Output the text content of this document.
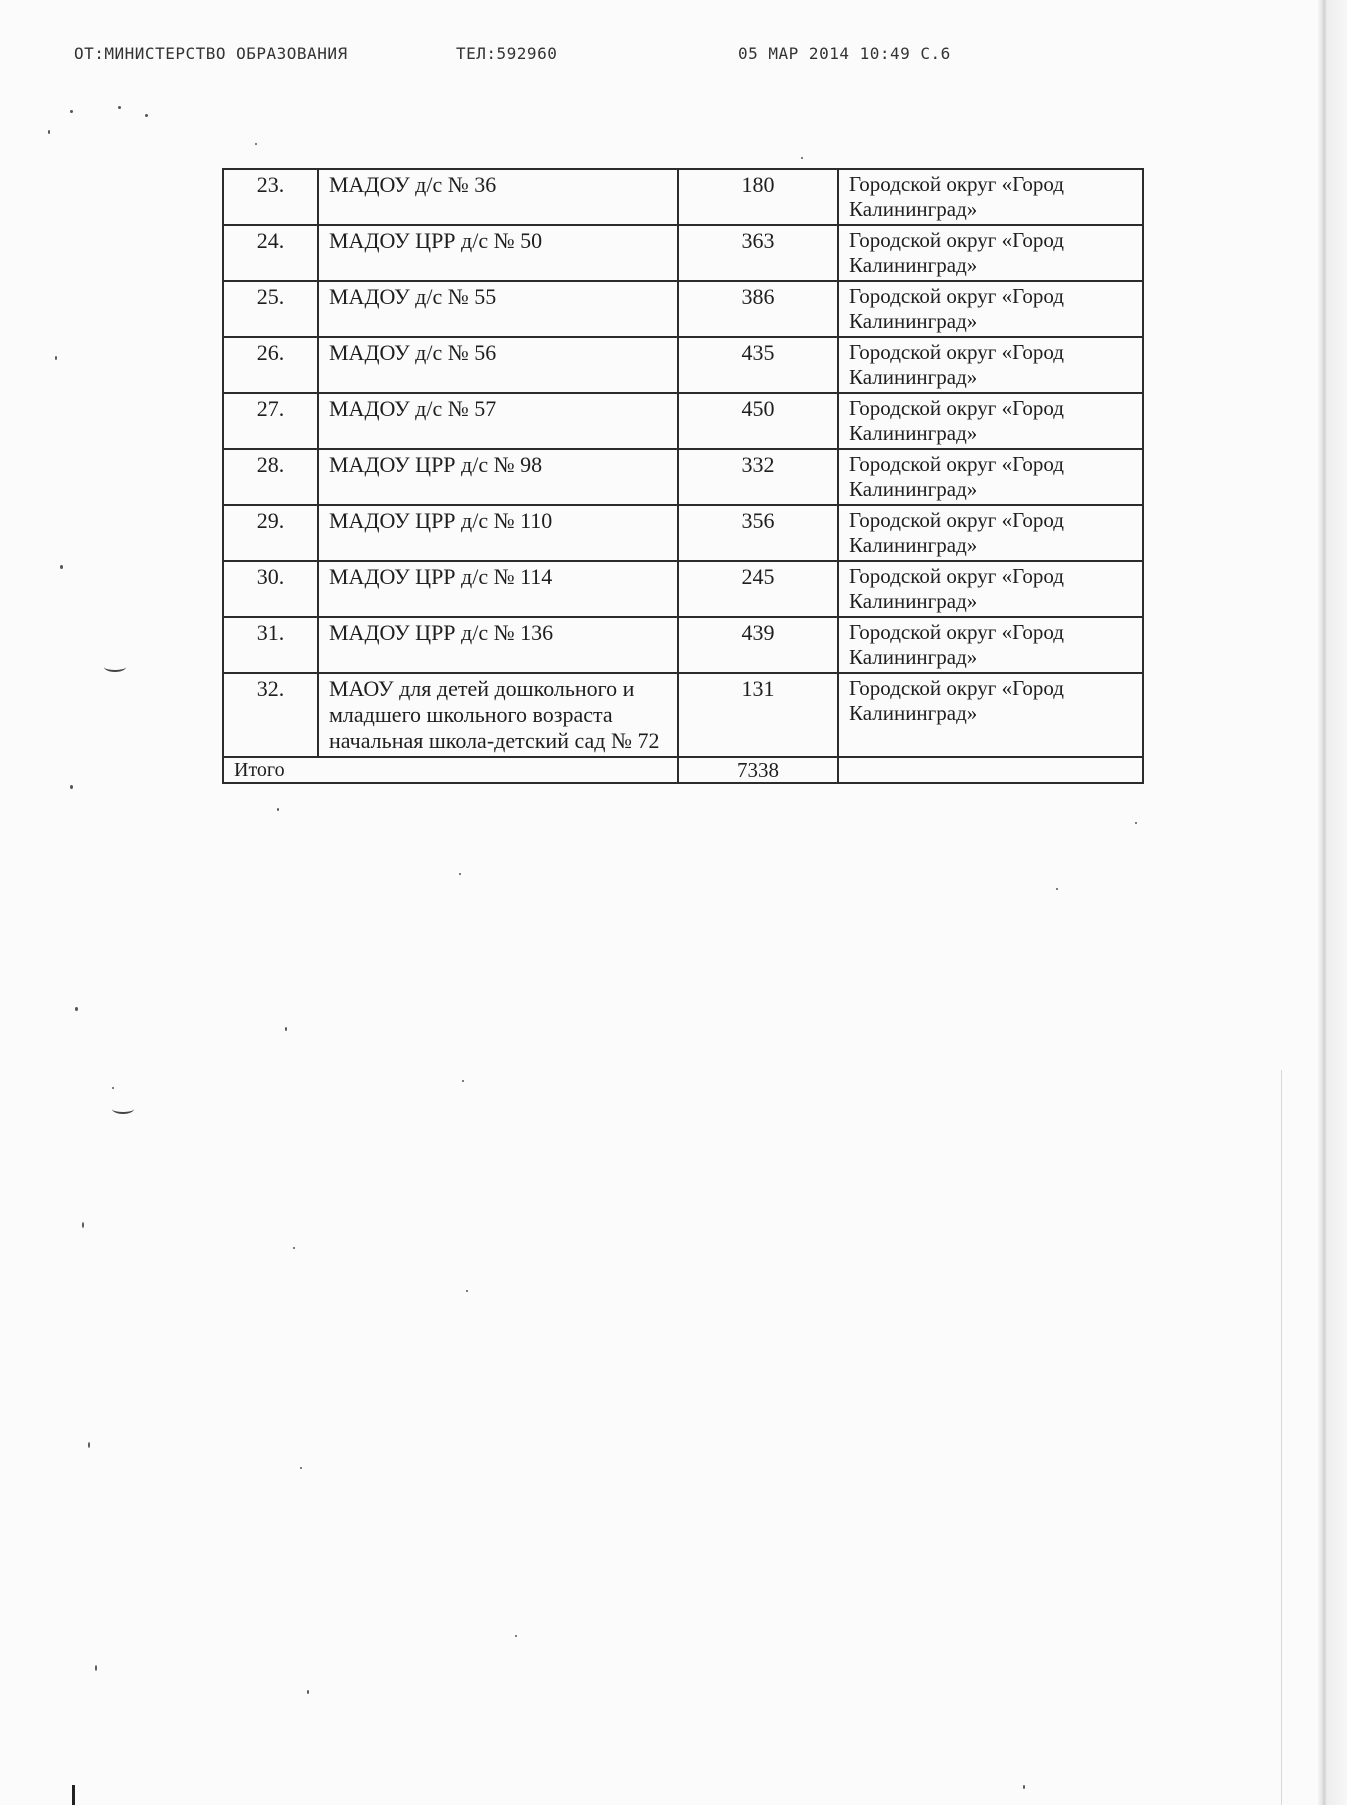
ОТ:МИНИСТЕРСТВО ОБРАЗОВАНИЯ	ТЕЛ:592960	05 МАР 2014 10:49 С.6
23.	МАДОУ д/с № 36	180	Городской округ «Город Калининград»
24.	МАДОУ ЦРР д/с № 50	363	Городской округ «Город Калининград»
25.	МАДОУ д/с № 55	386	Городской округ «Город Калининград»
26.	МАДОУ д/с № 56	435	Городской округ «Город Калининград»
27.	МАДОУ д/с № 57	450	Городской округ «Город Калининград»
28.	МАДОУ ЦРР д/с № 98	332	Городской округ «Город Калининград»
29.	МАДОУ ЦРР д/с № 110	356	Городской округ «Город Калининград»
30.	МАДОУ ЦРР д/с № 114	245	Городской округ «Город Калининград»
31.	МАДОУ ЦРР д/с № 136	439	Городской округ «Город Калининград»
32.	МАОУ для детей дошкольного и младшего школьного возраста начальная школа-детский сад № 72	131	Городской округ «Город Калининград»
Итого		7338	
